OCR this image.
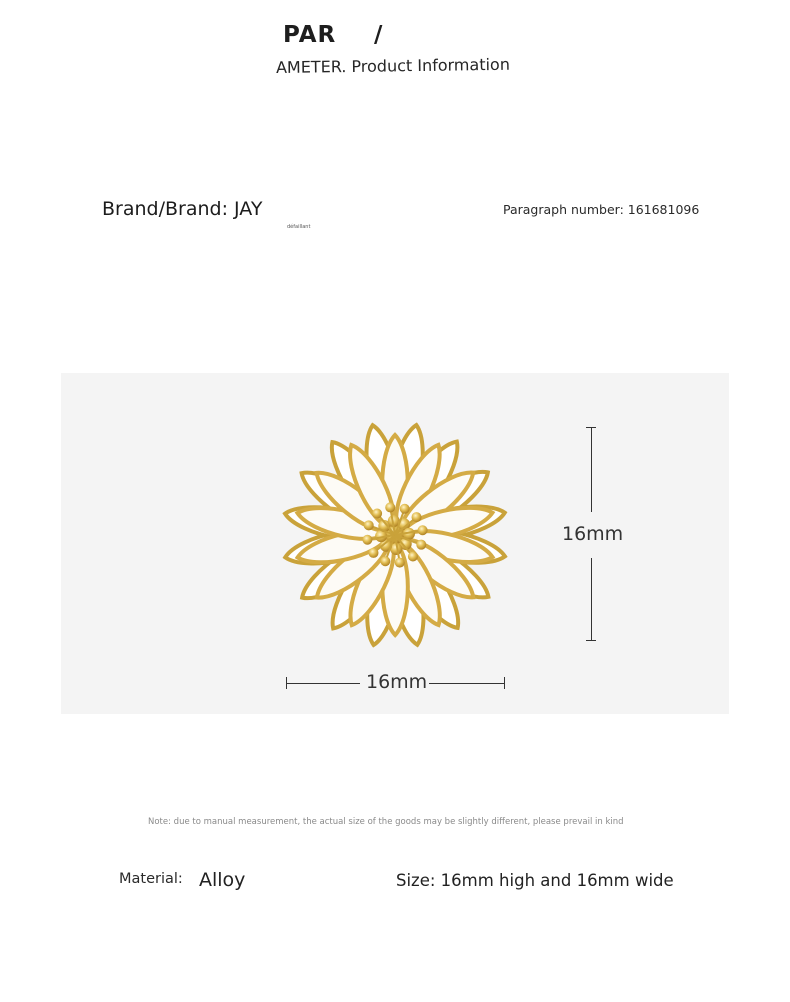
PAR /
AMETER. Product Information
Brand/Brand: JAY	Paragraph number: 161681096
défaillant
16mm
16mm
Note: due to manual measurement, the actual size of the goods may be slightly different, please prevail in kind
Material: Alloy	Size: 16mm high and 16mm wide
